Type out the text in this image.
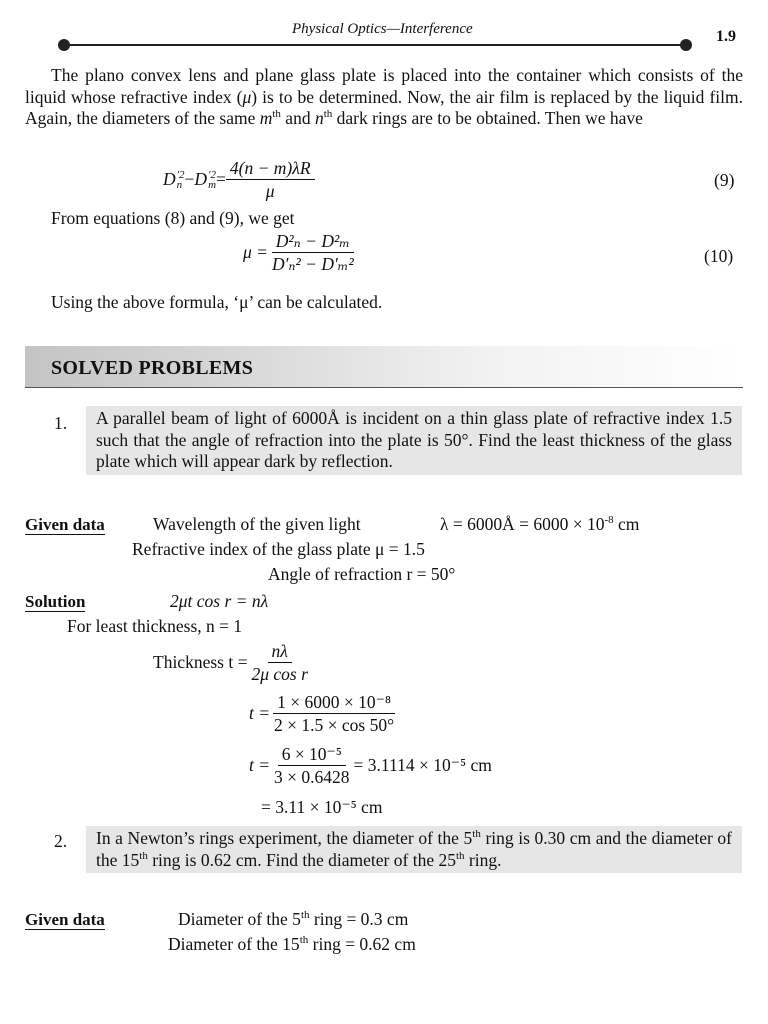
Physical Optics—Interference	1.9
The plano convex lens and plane glass plate is placed into the container which consists of the liquid whose refractive index (μ) is to be determined. Now, the air film is replaced by the liquid film. Again, the diameters of the same $m^{th}$ and $n^{th}$ dark rings are to be obtained. Then we have
D ′2
n − D ′2
$m = \frac{4(n - m)\lambda R}{\mu}$	(9)
From equations (8) and (9), we get
$\mu = \frac{\text{D²ₙ − D²ₘ}}{\text{D′ₙ² − D′ₘ²}}$	(10)
Using the above formula, ‘μ’ can be calculated.
SOLVED PROBLEMS
1.	A parallel beam of light of 6000Å is incident on a thin glass plate of refractive index 1.5 such that the angle of refraction into the plate is 50°. Find the least thickness of the glass plate which will appear dark by reflection.
Given data	Wavelength of the given light	λ = 6000Å = $6000 \times 10^{-8}$ cm
Refractive index of the glass plate μ = 1.5
Angle of refraction r = 50°
Solution	2μt cos r = nλ
For least thickness, n = 1
Thickness $t = \frac{n\lambda}{\text{2μ cos r}}$
$t = \frac{\text{1 × 6000 × 10⁻⁸}}{2 \times 1.5 \times \cos 50^\circ}$
$t = \frac{\text{6 × 10⁻⁵}}{3 \times 0.6428} = 3.1114 \times 10^{-5}$ cm
= 3.11 × 10⁻⁵ cm
2.	In a Newton’s rings experiment, the diameter of the 5th ring is 0.30 cm and the diameter of the 15th ring is 0.62 cm. Find the diameter of the 25th ring.
Given data	Diameter of the 5th ring = 0.3 cm
Diameter of the 15th ring = 0.62 cm
